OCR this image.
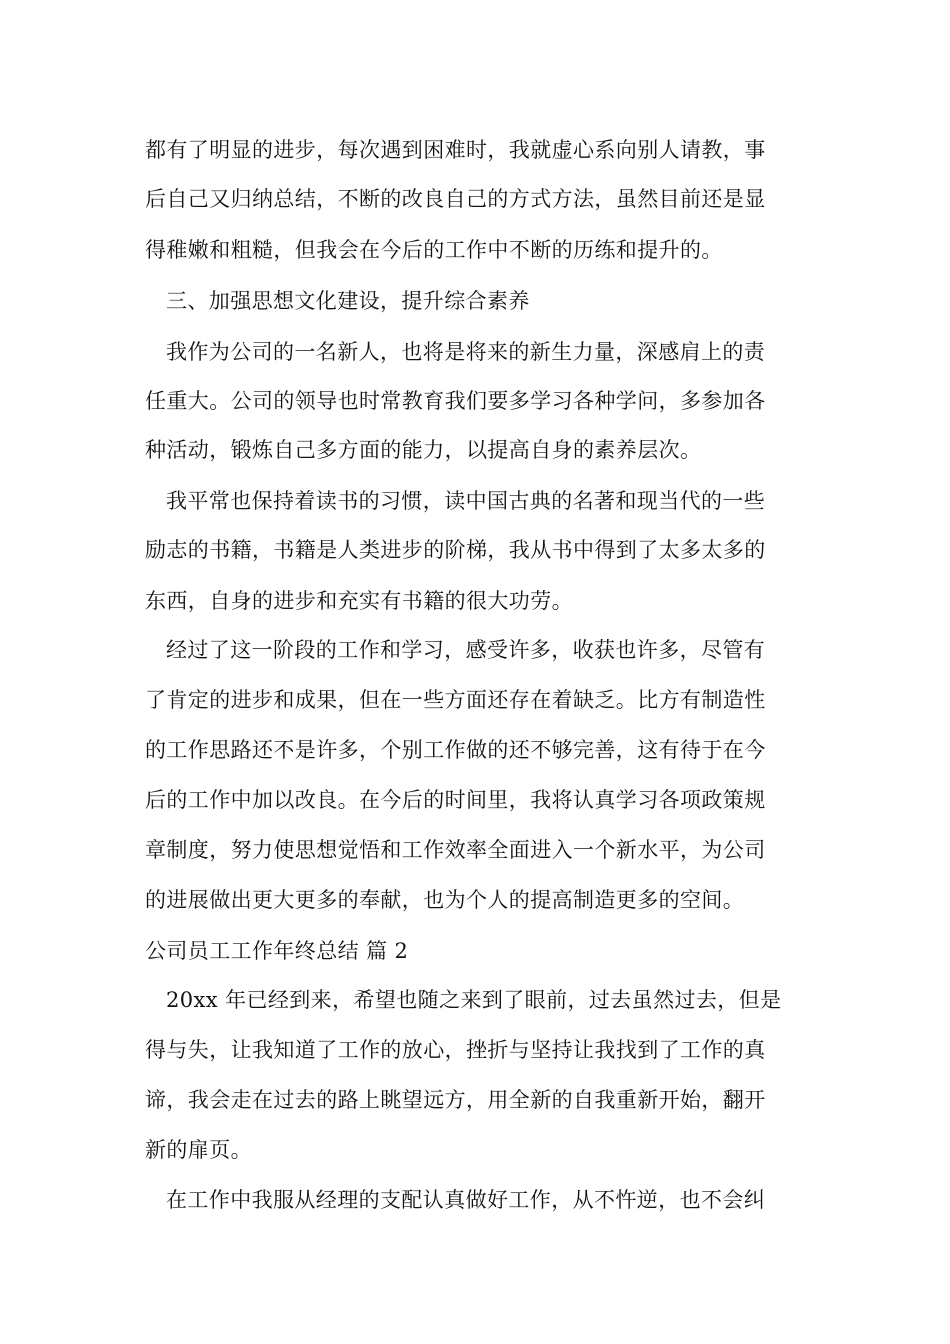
都有了明显的进步，每次遇到困难时，我就虚心系向别人请教，事
后自己又归纳总结，不断的改良自己的方式方法，虽然目前还是显
得稚嫩和粗糙，但我会在今后的工作中不断的历练和提升的。
三、加强思想文化建设，提升综合素养
我作为公司的一名新人，也将是将来的新生力量，深感肩上的责
任重大。公司的领导也时常教育我们要多学习各种学问，多参加各
种活动，锻炼自己多方面的能力，以提高自身的素养层次。
我平常也保持着读书的习惯，读中国古典的名著和现当代的一些
励志的书籍，书籍是人类进步的阶梯，我从书中得到了太多太多的
东西，自身的进步和充实有书籍的很大功劳。
经过了这一阶段的工作和学习，感受许多，收获也许多，尽管有
了肯定的进步和成果，但在一些方面还存在着缺乏。比方有制造性
的工作思路还不是许多，个别工作做的还不够完善，这有待于在今
后的工作中加以改良。在今后的时间里，我将认真学习各项政策规
章制度，努力使思想觉悟和工作效率全面进入一个新水平，为公司
的进展做出更大更多的奉献，也为个人的提高制造更多的空间。
公司员工工作年终总结 篇 2
20xx 年已经到来，希望也随之来到了眼前，过去虽然过去，但是
得与失，让我知道了工作的放心，挫折与坚持让我找到了工作的真
谛，我会走在过去的路上眺望远方，用全新的自我重新开始，翻开
新的扉页。
在工作中我服从经理的支配认真做好工作，从不忤逆，也不会纠
